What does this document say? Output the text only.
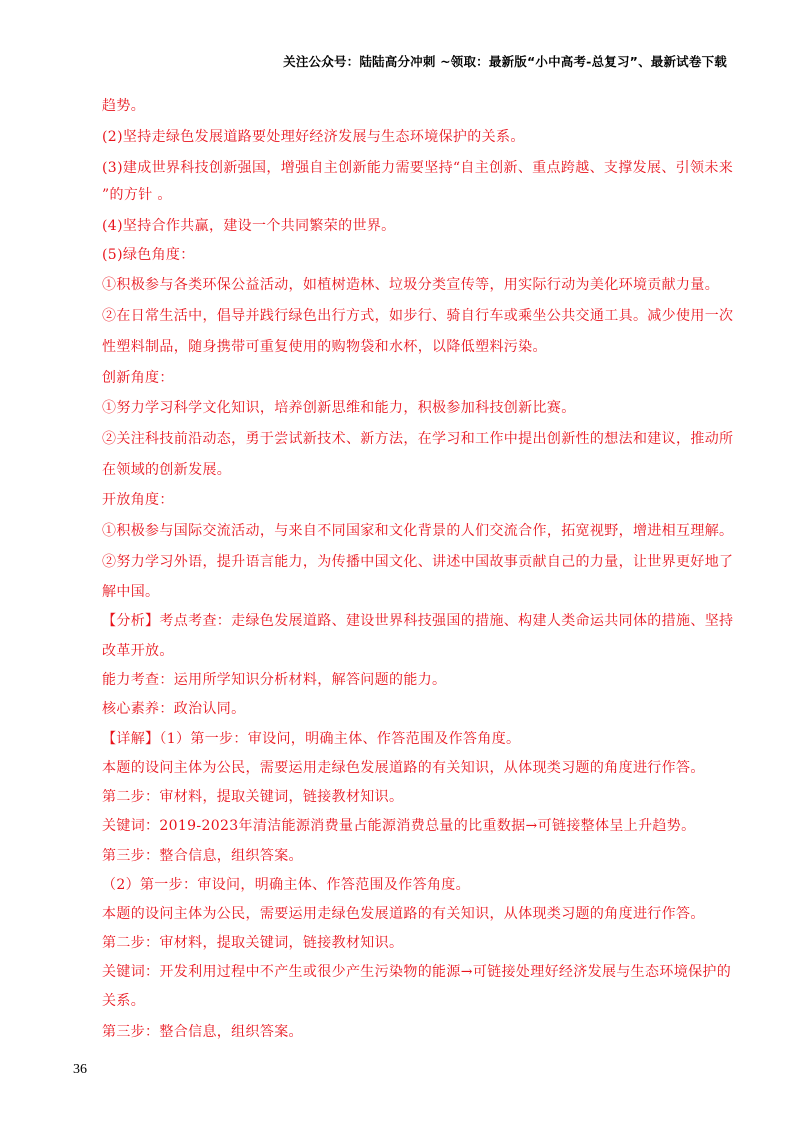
关注公众号：陆陆高分冲刺 ~领取：最新版“小中高考-总复习”、最新试卷下载
趋势。
(2)坚持走绿色发展道路要处理好经济发展与生态环境保护的关系。
(3)建成世界科技创新强国，增强自主创新能力需要坚持“自主创新、重点跨越、支撑发展、引领未来
”的方针 。
(4)坚持合作共赢，建设一个共同繁荣的世界。
(5)绿色角度：
①积极参与各类环保公益活动，如植树造林、垃圾分类宣传等，用实际行动为美化环境贡献力量。
②在日常生活中，倡导并践行绿色出行方式，如步行、骑自行车或乘坐公共交通工具。减少使用一次
性塑料制品，随身携带可重复使用的购物袋和水杯，以降低塑料污染。
创新角度：
①努力学习科学文化知识，培养创新思维和能力，积极参加科技创新比赛。
②关注科技前沿动态，勇于尝试新技术、新方法，在学习和工作中提出创新性的想法和建议，推动所
在领域的创新发展。
开放角度：
①积极参与国际交流活动，与来自不同国家和文化背景的人们交流合作，拓宽视野，增进相互理解。
②努力学习外语，提升语言能力，为传播中国文化、讲述中国故事贡献自己的力量，让世界更好地了
解中国。
【分析】考点考查：走绿色发展道路、建设世界科技强国的措施、构建人类命运共同体的措施、坚持
改革开放。
能力考查：运用所学知识分析材料，解答问题的能力。
核心素养：政治认同。
【详解】（1）第一步：审设问，明确主体、作答范围及作答角度。
本题的设问主体为公民，需要运用走绿色发展道路的有关知识，从体现类习题的角度进行作答。
第二步：审材料，提取关键词，链接教材知识。
关键词：2019-2023年清洁能源消费量占能源消费总量的比重数据→可链接整体呈上升趋势。
第三步：整合信息，组织答案。
（2）第一步：审设问，明确主体、作答范围及作答角度。
本题的设问主体为公民，需要运用走绿色发展道路的有关知识，从体现类习题的角度进行作答。
第二步：审材料，提取关键词，链接教材知识。
关键词：开发利用过程中不产生或很少产生污染物的能源→可链接处理好经济发展与生态环境保护的
关系。
第三步：整合信息，组织答案。
36
